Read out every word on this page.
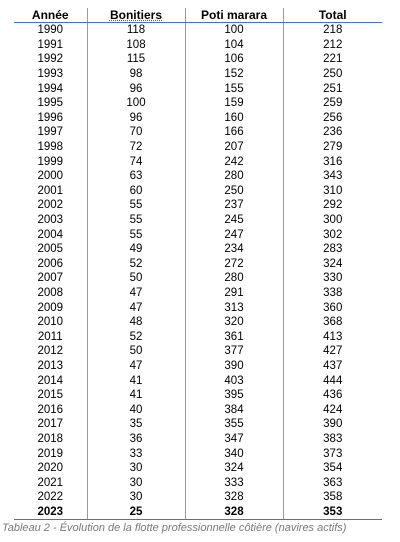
Année	Bonitiers	Poti marara	Total
1990	118	100	218
1991	108	104	212
1992	115	106	221
1993	98	152	250
1994	96	155	251
1995	100	159	259
1996	96	160	256
1997	70	166	236
1998	72	207	279
1999	74	242	316
2000	63	280	343
2001	60	250	310
2002	55	237	292
2003	55	245	300
2004	55	247	302
2005	49	234	283
2006	52	272	324
2007	50	280	330
2008	47	291	338
2009	47	313	360
2010	48	320	368
2011	52	361	413
2012	50	377	427
2013	47	390	437
2014	41	403	444
2015	41	395	436
2016	40	384	424
2017	35	355	390
2018	36	347	383
2019	33	340	373
2020	30	324	354
2021	30	333	363
2022	30	328	358
2023	25	328	353
Tableau 2 - Évolution de la flotte professionnelle côtière (navires actifs)
